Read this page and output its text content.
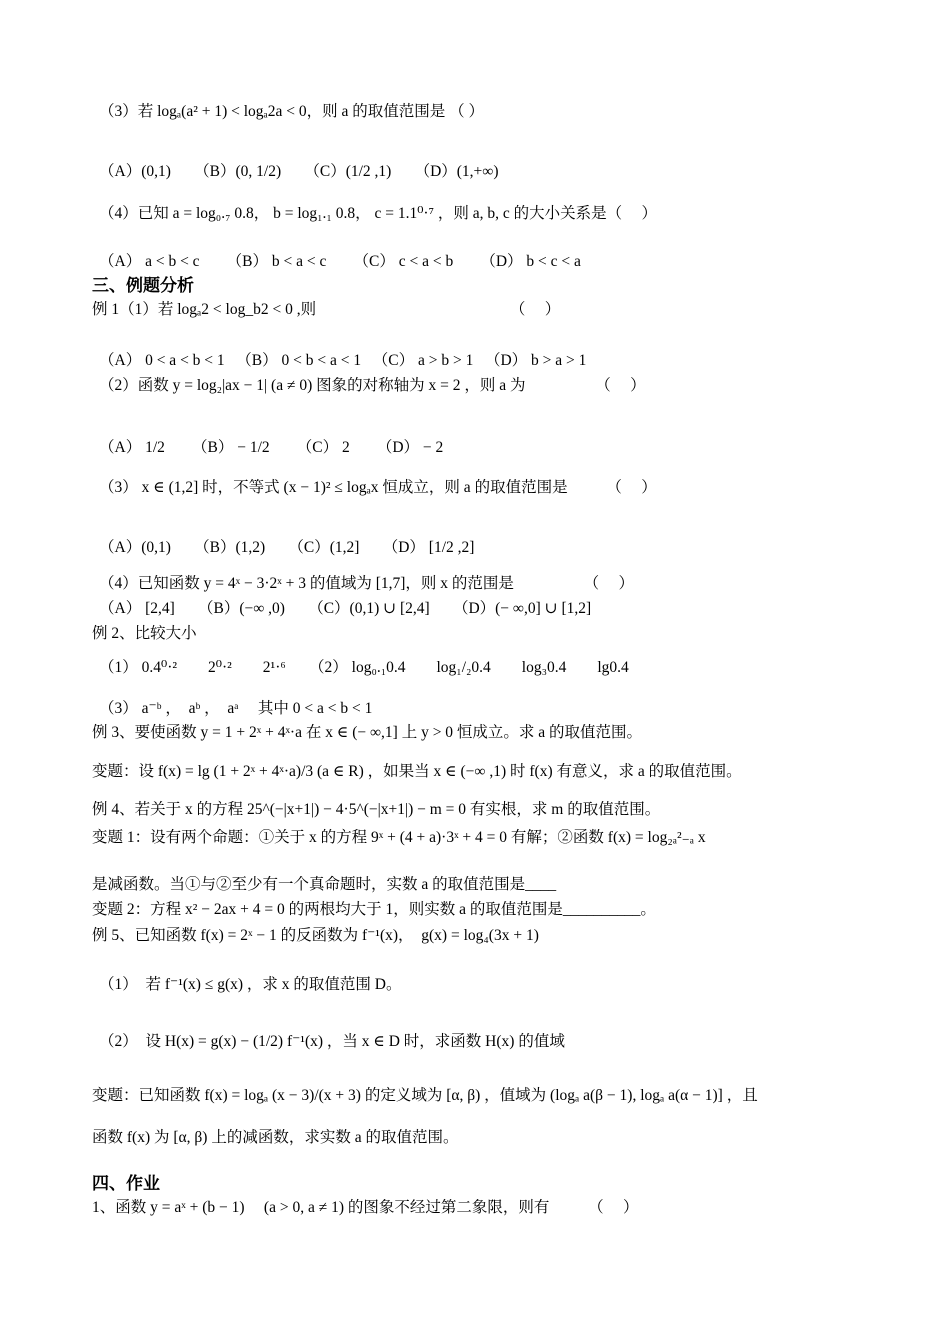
（3）若 logₐ(a² + 1) < logₐ2a < 0，则 a 的取值范围是 （ ）
（A）(0,1)　　（B）(0, 1/2)　　（C）(1/2 ,1)　　（D）(1,+∞)
（4）已知 a = log₀.₇ 0.8， b = log₁.₁ 0.8， c = 1.1⁰·⁷ ，则 a, b, c 的大小关系是（　 ）
（A） a < b < c 　　（B） b < a < c 　　（C） c < a < b 　　（D） b < c < a
三、例题分析
例 1（1）若 logₐ2 < log_b2 < 0 ,则　　　　　　　　　　　　　（　 ）
（A） 0 < a < b < 1 　（B） 0 < b < a < 1 　（C） a > b > 1 　（D） b > a > 1
（2）函数 y = log₂|ax − 1| (a ≠ 0) 图象的对称轴为 x = 2 ，则 a 为　　　　　（　 ）
（A） 1/2 　　（B） − 1/2 　　（C） 2 　　（D） − 2
（3） x ∈ (1,2] 时，不等式 (x − 1)² ≤ logₐx 恒成立，则 a 的取值范围是　　　（　 ）
（A）(0,1)　　（B）(1,2)　　（C）(1,2]　　（D） [1/2 ,2]
（4）已知函数 y = 4ˣ − 3·2ˣ + 3 的值域为 [1,7]，则 x 的范围是　　　　　（　 ）
（A） [2,4]　　（B）(−∞ ,0)　　（C）(0,1) ∪ [2,4]　　（D）(− ∞,0] ∪ [1,2]
例 2、比较大小
（1） 0.4⁰·²　　2⁰·²　　2¹·⁶　　（2） log₀.₁0.4　　log₁/₂0.4　　log₃0.4　　lg0.4
（3） a⁻ᵇ ，　aᵇ ，　aᵃ 　其中 0 < a < b < 1
例 3、要使函数 y = 1 + 2ˣ + 4ˣ·a 在 x ∈ (− ∞,1] 上 y > 0 恒成立。求 a 的取值范围。
变题：设 f(x) = lg (1 + 2ˣ + 4ˣ·a)/3 (a ∈ R) ，如果当 x ∈ (−∞ ,1) 时 f(x) 有意义，求 a 的取值范围。
例 4、若关于 x 的方程 25^(−|x+1|) − 4·5^(−|x+1|) − m = 0 有实根，求 m 的取值范围。
变题 1：设有两个命题：①关于 x 的方程 9ˣ + (4 + a)·3ˣ + 4 = 0 有解；②函数 f(x) = log₂ₐ²₋ₐ x
是减函数。当①与②至少有一个真命题时，实数 a 的取值范围是____
变题 2：方程 x² − 2ax + 4 = 0 的两根均大于 1，则实数 a 的取值范围是__________。
例 5、已知函数 f(x) = 2ˣ − 1 的反函数为 f⁻¹(x)，　g(x) = log₄(3x + 1)
（1）　若 f⁻¹(x) ≤ g(x) ，求 x 的取值范围 D。
（2）　设 H(x) = g(x) − (1/2) f⁻¹(x) ，当 x ∈ D 时，求函数 H(x) 的值域
变题：已知函数 f(x) = logₐ (x − 3)/(x + 3) 的定义域为 [α, β) ，值域为 (logₐ a(β − 1), logₐ a(α − 1)] ，且
函数 f(x) 为 [α, β) 上的减函数，求实数 a 的取值范围。
四、作业
1、函数 y = aˣ + (b − 1)　 (a > 0, a ≠ 1) 的图象不经过第二象限，则有　　　（　 ）
